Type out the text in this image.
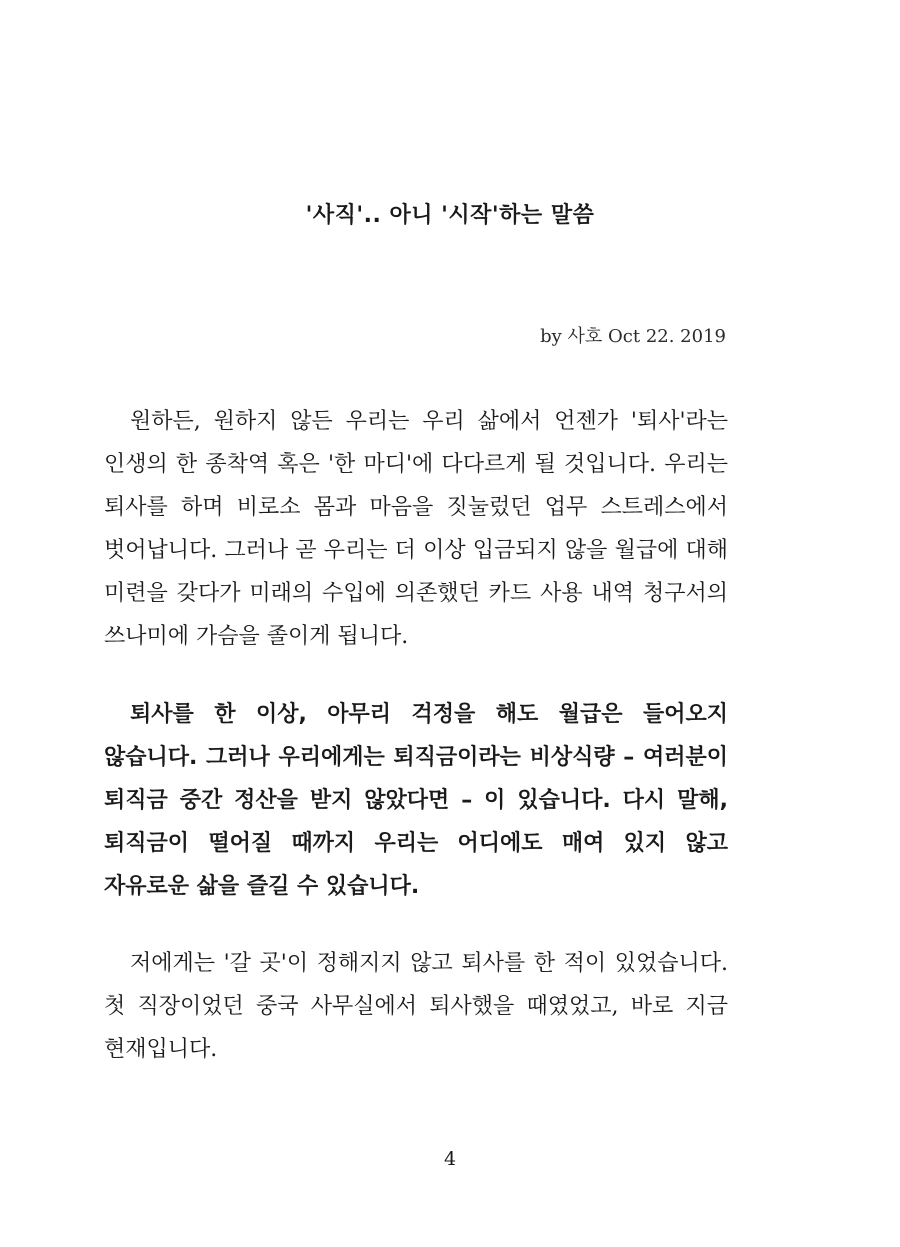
'사직'.. 아니 '시작'하는 말씀
by 사호 Oct 22. 2019

원하든, 원하지 않든 우리는 우리 삶에서 언젠가 '퇴사'라는 인생의 한 종착역 혹은 '한 마디'에 다다르게 될 것입니다. 우리는 퇴사를 하며 비로소 몸과 마음을 짓눌렀던 업무 스트레스에서 벗어납니다. 그러나 곧 우리는 더 이상 입금되지 않을 월급에 대해 미련을 갖다가 미래의 수입에 의존했던 카드 사용 내역 청구서의 쓰나미에 가슴을 졸이게 됩니다.

퇴사를 한 이상, 아무리 걱정을 해도 월급은 들어오지 않습니다. 그러나 우리에게는 퇴직금이라는 비상식량 – 여러분이 퇴직금 중간 정산을 받지 않았다면 – 이 있습니다. 다시 말해, 퇴직금이 떨어질 때까지 우리는 어디에도 매여 있지 않고 자유로운 삶을 즐길 수 있습니다.

저에게는 '갈 곳'이 정해지지 않고 퇴사를 한 적이 있었습니다. 첫 직장이었던 중국 사무실에서 퇴사했을 때였었고, 바로 지금 현재입니다.

4
